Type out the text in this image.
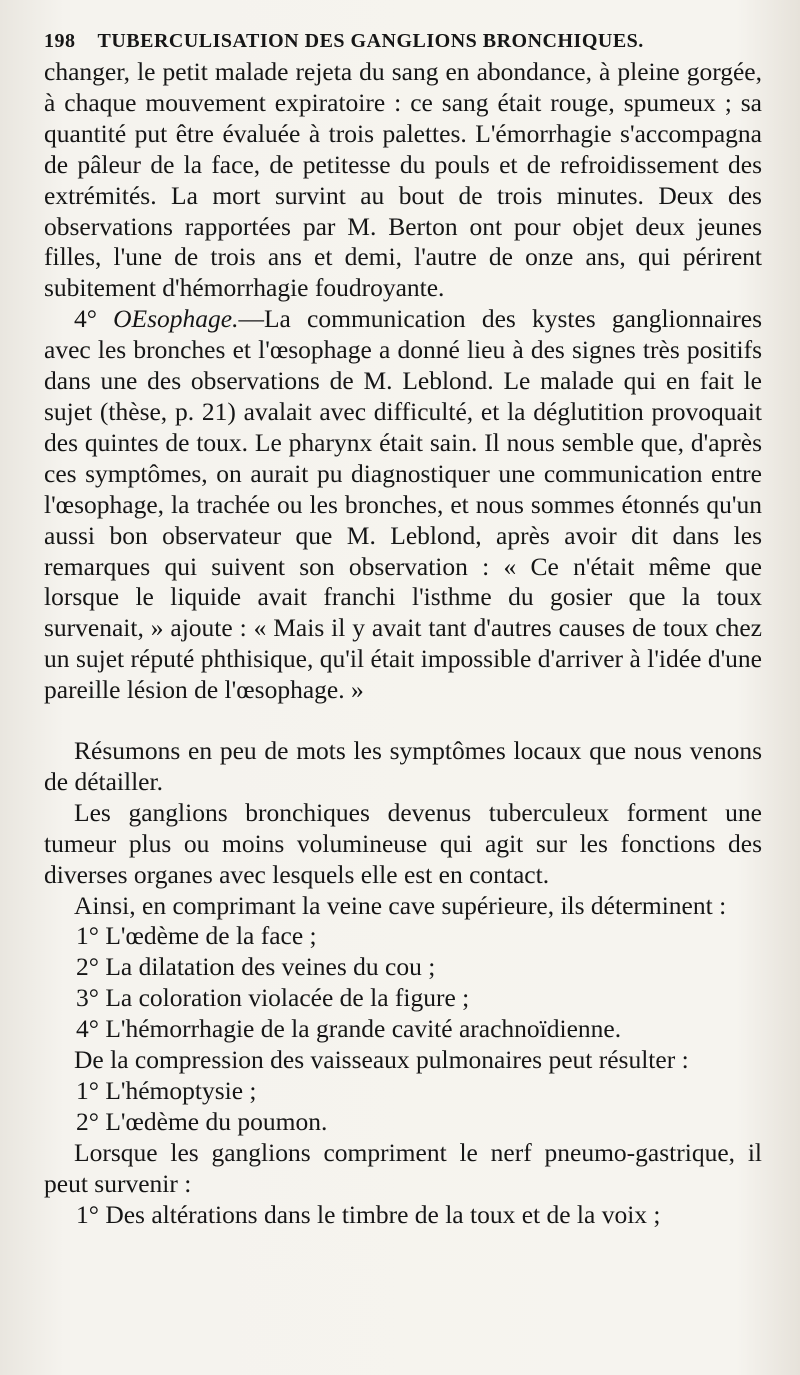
198 TUBERCULISATION DES GANGLIONS BRONCHIQUES.

changer, le petit malade rejeta du sang en abondance, à pleine gorgée, à chaque mouvement expiratoire : ce sang était rouge, spumeux ; sa quantité put être évaluée à trois palettes. L'émorrhagie s'accompagna de pâleur de la face, de petitesse du pouls et de refroidissement des extrémités. La mort survint au bout de trois minutes. Deux des observations rapportées par M. Berton ont pour objet deux jeunes filles, l'une de trois ans et demi, l'autre de onze ans, qui périrent subitement d'hémorrhagie foudroyante.

4° OEsophage.—La communication des kystes ganglionnaires avec les bronches et l'œsophage a donné lieu à des signes très positifs dans une des observations de M. Leblond. Le malade qui en fait le sujet (thèse, p. 21) avalait avec difficulté, et la déglutition provoquait des quintes de toux. Le pharynx était sain. Il nous semble que, d'après ces symptômes, on aurait pu diagnostiquer une communication entre l'œsophage, la trachée ou les bronches, et nous sommes étonnés qu'un aussi bon observateur que M. Leblond, après avoir dit dans les remarques qui suivent son observation : « Ce n'était même que lorsque le liquide avait franchi l'isthme du gosier que la toux survenait, » ajoute : « Mais il y avait tant d'autres causes de toux chez un sujet réputé phthisique, qu'il était impossible d'arriver à l'idée d'une pareille lésion de l'œsophage. »

Résumons en peu de mots les symptômes locaux que nous venons de détailler.

Les ganglions bronchiques devenus tuberculeux forment une tumeur plus ou moins volumineuse qui agit sur les fonctions des diverses organes avec lesquels elle est en contact.

Ainsi, en comprimant la veine cave supérieure, ils déterminent :

1° L'œdème de la face ;

2° La dilatation des veines du cou ;

3° La coloration violacée de la figure ;

4° L'hémorrhagie de la grande cavité arachnoïdienne.

De la compression des vaisseaux pulmonaires peut résulter :

1° L'hémoptysie ;

2° L'œdème du poumon.

Lorsque les ganglions compriment le nerf pneumo-gastrique, il peut survenir :

1° Des altérations dans le timbre de la toux et de la voix ;
